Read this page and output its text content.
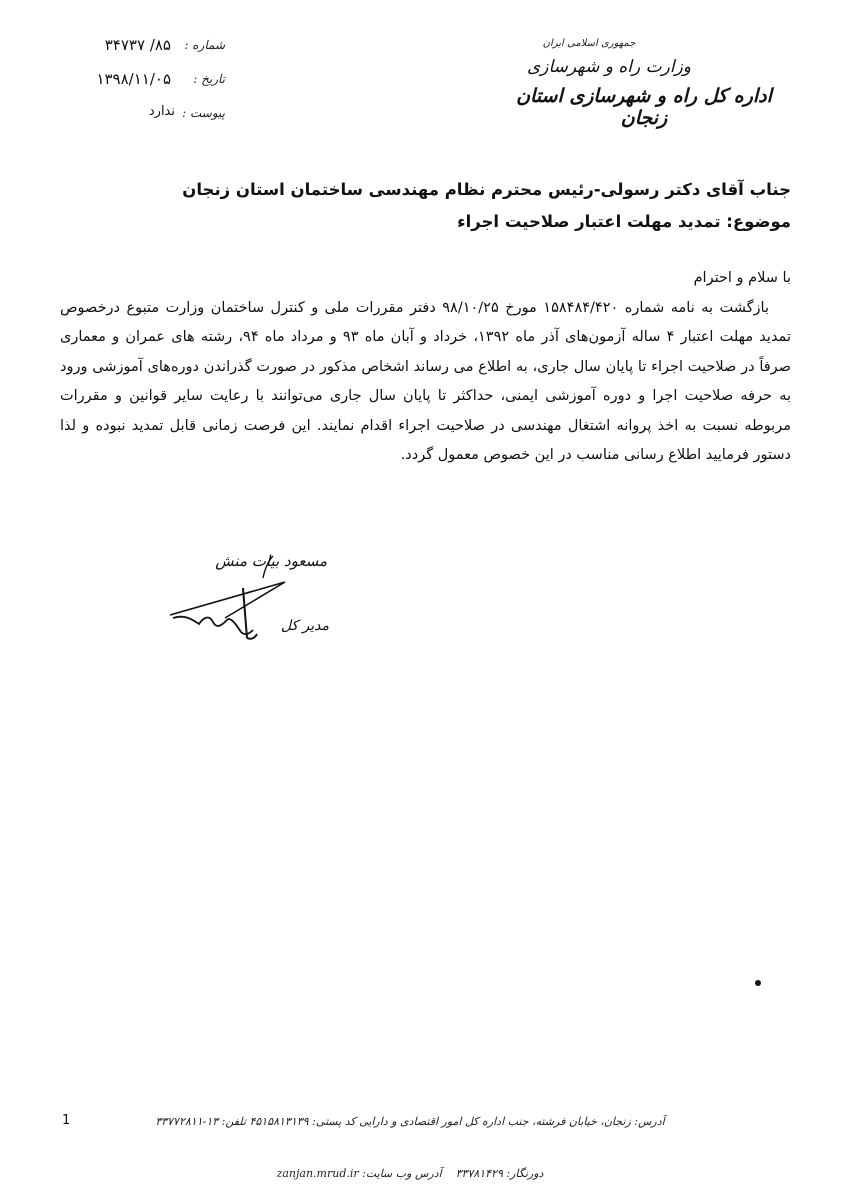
شماره :
۸۵/ ۳۴۷۳۷
تاریخ :
۱۳۹۸/۱۱/۰۵
پیوست :
ندارد
جمهوری اسلامی ایران
وزارت راه و شهرسازی
اداره کل راه و شهرسازی استان زنجان
جناب آقای دکتر رسولی-رئیس محترم نظام مهندسی ساختمان استان زنجان
موضوع: تمدید مهلت اعتبار صلاحیت اجراء

با سلام و احترام

بازگشت به نامه شماره ۱۵۸۴۸۴/۴۲۰ مورخ ۹۸/۱۰/۲۵ دفتر مقررات ملی و کنترل ساختمان وزارت متبوع درخصوص تمدید مهلت اعتبار ۴ ساله آزمون‌های آذر ماه ۱۳۹۲، خرداد و آبان ماه ۹۳ و مرداد ماه ۹۴، رشته های عمران و معماری صرفاً در صلاحیت اجراء تا پایان سال جاری، به اطلاع می رساند اشخاص مذکور در صورت گذراندن دوره‌های آموزشی ورود به حرفه صلاحیت اجرا و دوره آموزشی ایمنی، حداکثر تا پایان سال جاری می‌توانند با رعایت سایر قوانین و مقررات مربوطه نسبت به اخذ پروانه اشتغال مهندسی در صلاحیت اجراء اقدام نمایند. این فرصت زمانی قابل تمدید نبوده و لذا دستور فرمایید اطلاع رسانی مناسب در این خصوص معمول گردد.

مسعود بیات منش
مدیر کل
1	آدرس: زنجان، خیابان فرشته، جنب اداره کل امور اقتصادی و دارایی کد پستی: ۴۵۱۵۸۱۳۱۳۹ تلفن: ۱۳-۳۳۷۷۲۸۱۱
دورنگار: ۳۳۷۸۱۴۲۹    آدرس وب سایت: zanjan.mrud.ir
